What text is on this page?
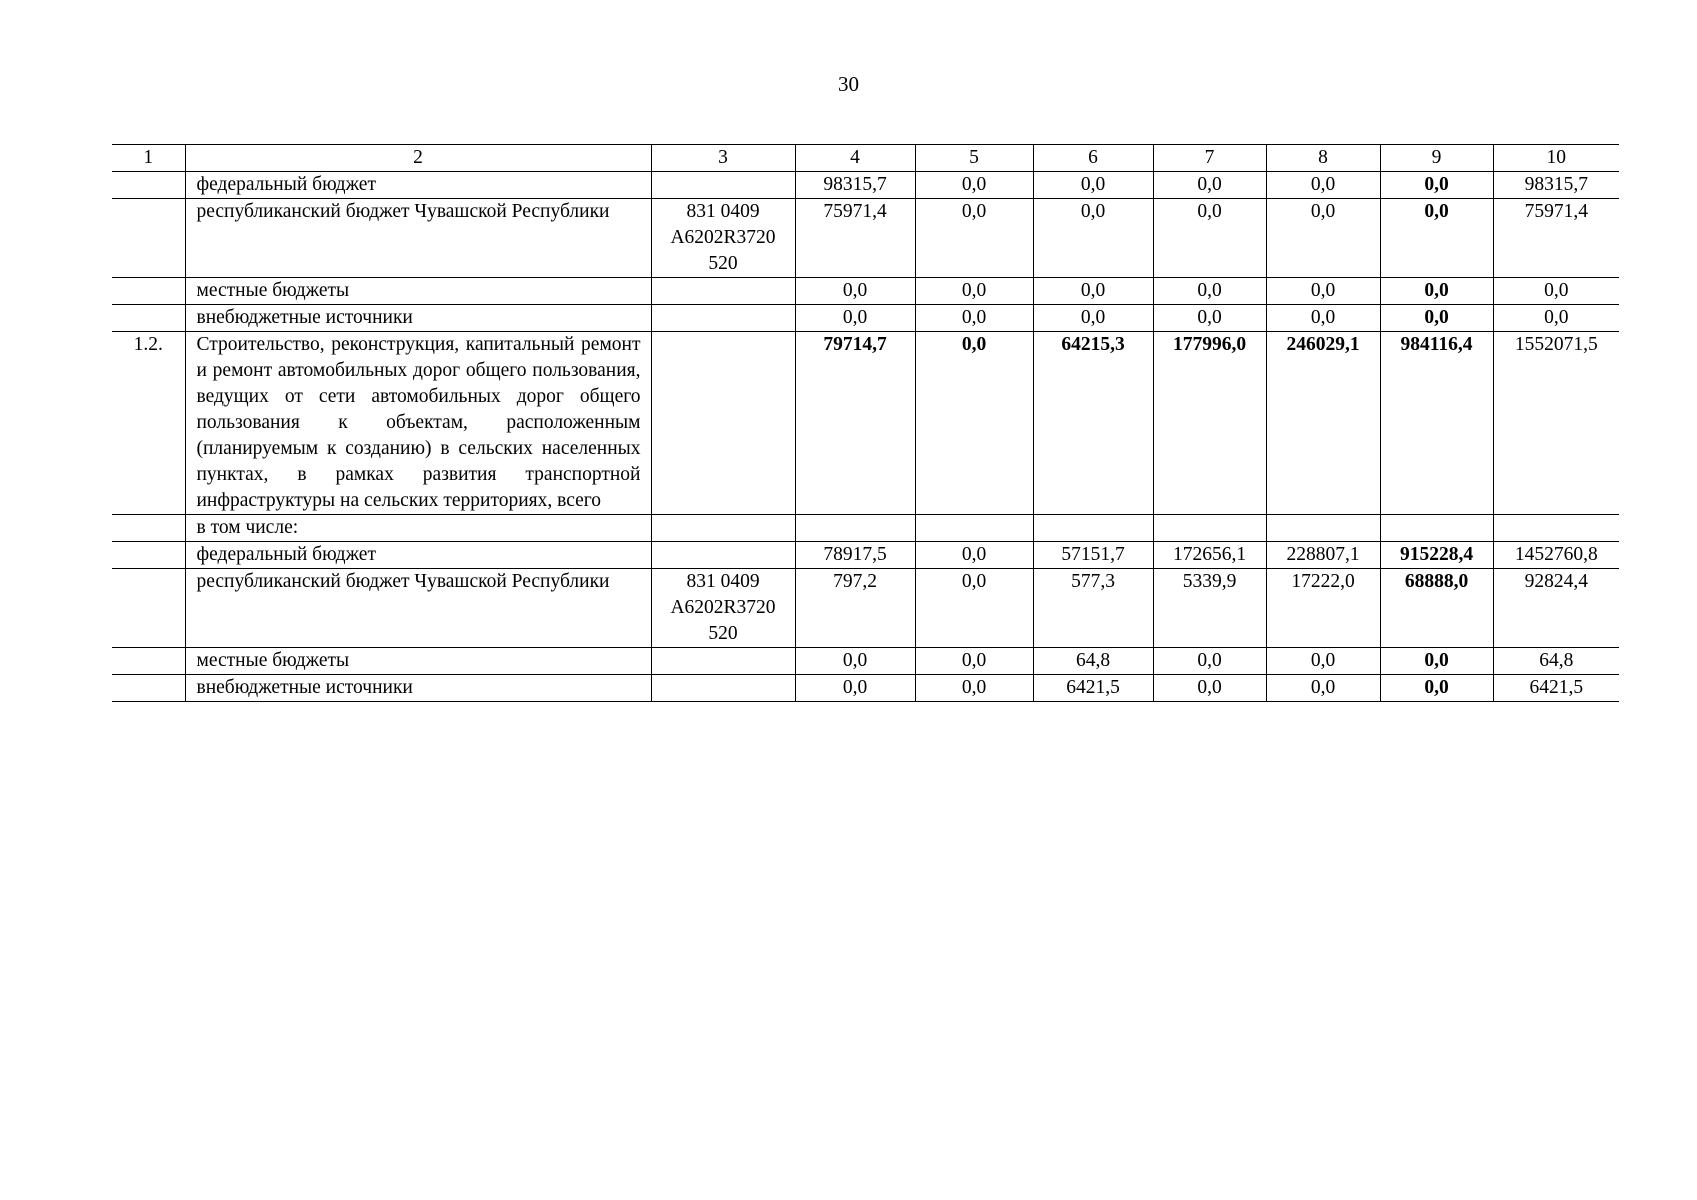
30
1	2	3	4	5	6	7	8	9	10
	федеральный бюджет		98315,7	0,0	0,0	0,0	0,0	0,0	98315,7
	республиканский бюджет Чувашской Республики	831 0409 А6202R3720 520	75971,4	0,0	0,0	0,0	0,0	0,0	75971,4
	местные бюджеты		0,0	0,0	0,0	0,0	0,0	0,0	0,0
	внебюджетные источники		0,0	0,0	0,0	0,0	0,0	0,0	0,0
1.2.	Строительство, реконструкция, капитальный ремонт и ремонт автомобильных дорог общего пользования, ведущих от сети автомобильных дорог общего пользования к объектам, расположенным (планируемым к созданию) в сельских населенных пунктах, в рамках развития транспортной инфраструктуры на сельских территориях, всего		79714,7	0,0	64215,3	177996,0	246029,1	984116,4	1552071,5
	в том числе:								
	федеральный бюджет		78917,5	0,0	57151,7	172656,1	228807,1	915228,4	1452760,8
	республиканский бюджет Чувашской Республики	831 0409 А6202R3720 520	797,2	0,0	577,3	5339,9	17222,0	68888,0	92824,4
	местные бюджеты		0,0	0,0	64,8	0,0	0,0	0,0	64,8
	внебюджетные источники		0,0	0,0	6421,5	0,0	0,0	0,0	6421,5
